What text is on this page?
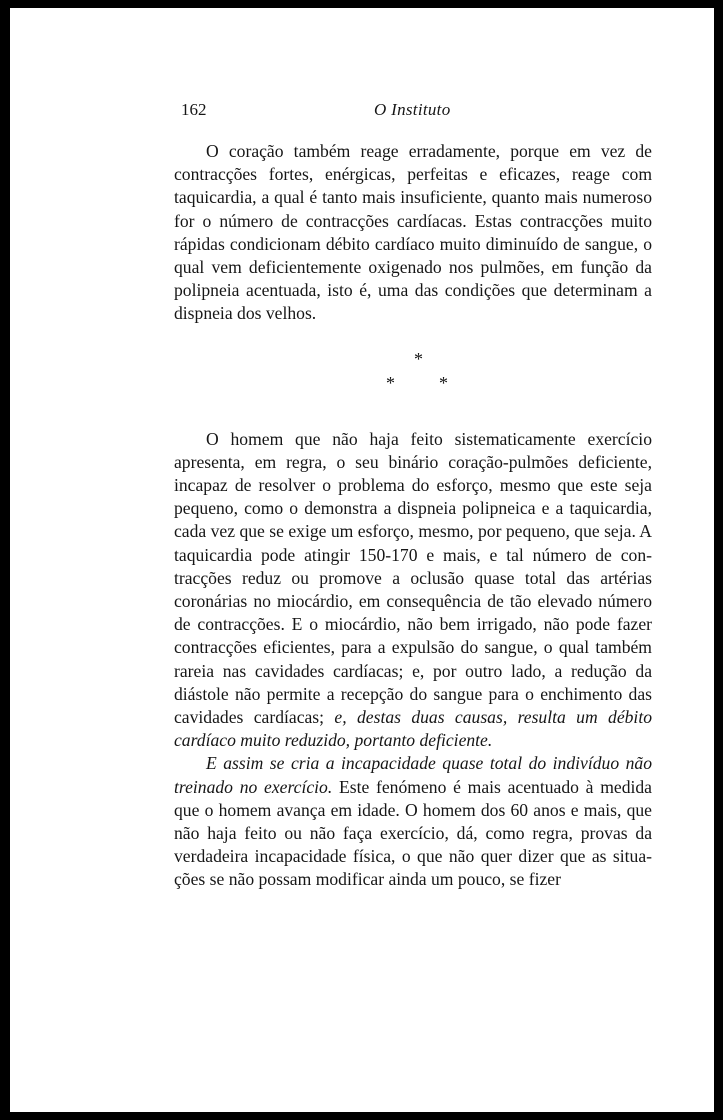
162	O Instituto

O coração também reage erradamente, porque em vez de contracções fortes, enérgicas, perfeitas e eficazes, reage com taquicardia, a qual é tanto mais insuficiente, quanto mais numeroso for o número de contracções cardíacas. Estas contracções muito rápidas condicionam débito cardíaco muito diminuído de sangue, o qual vem deficientemente oxigenado nos pulmões, em função da polipneia acentuada, isto é, uma das condições que determinam a dispneia dos velhos.

*
* *

O homem que não haja feito sistematicamente exercício apresenta, em regra, o seu binário coração-pulmões deficiente, incapaz de resolver o problema do esforço, mesmo que este seja pequeno, como o demonstra a dispneia polipneica e a taquicardia, cada vez que se exige um esforço, mesmo, por pequeno, que seja. A taquicardia pode atingir 150-170 e mais, e tal número de contracções reduz ou promove a oclusão quase total das artérias coronárias no miocárdio, em consequência de tão elevado número de contracções. E o miocárdio, não bem irrigado, não pode fazer contracções eficientes, para a expulsão do sangue, o qual também rareia nas cavidades cardíacas; e, por outro lado, a redução da diástole não permite a recepção do sangue para o enchimento das cavidades cardíacas; e, destas duas causas, resulta um débito cardíaco muito reduzido, portanto deficiente.

E assim se cria a incapacidade quase total do indivíduo não treinado no exercício. Este fenómeno é mais acentuado à medida que o homem avança em idade. O homem dos 60 anos e mais, que não haja feito ou não faça exercício, dá, como regra, provas da verdadeira incapacidade física, o que não quer dizer que as situações se não possam modificar ainda um pouco, se fizer
